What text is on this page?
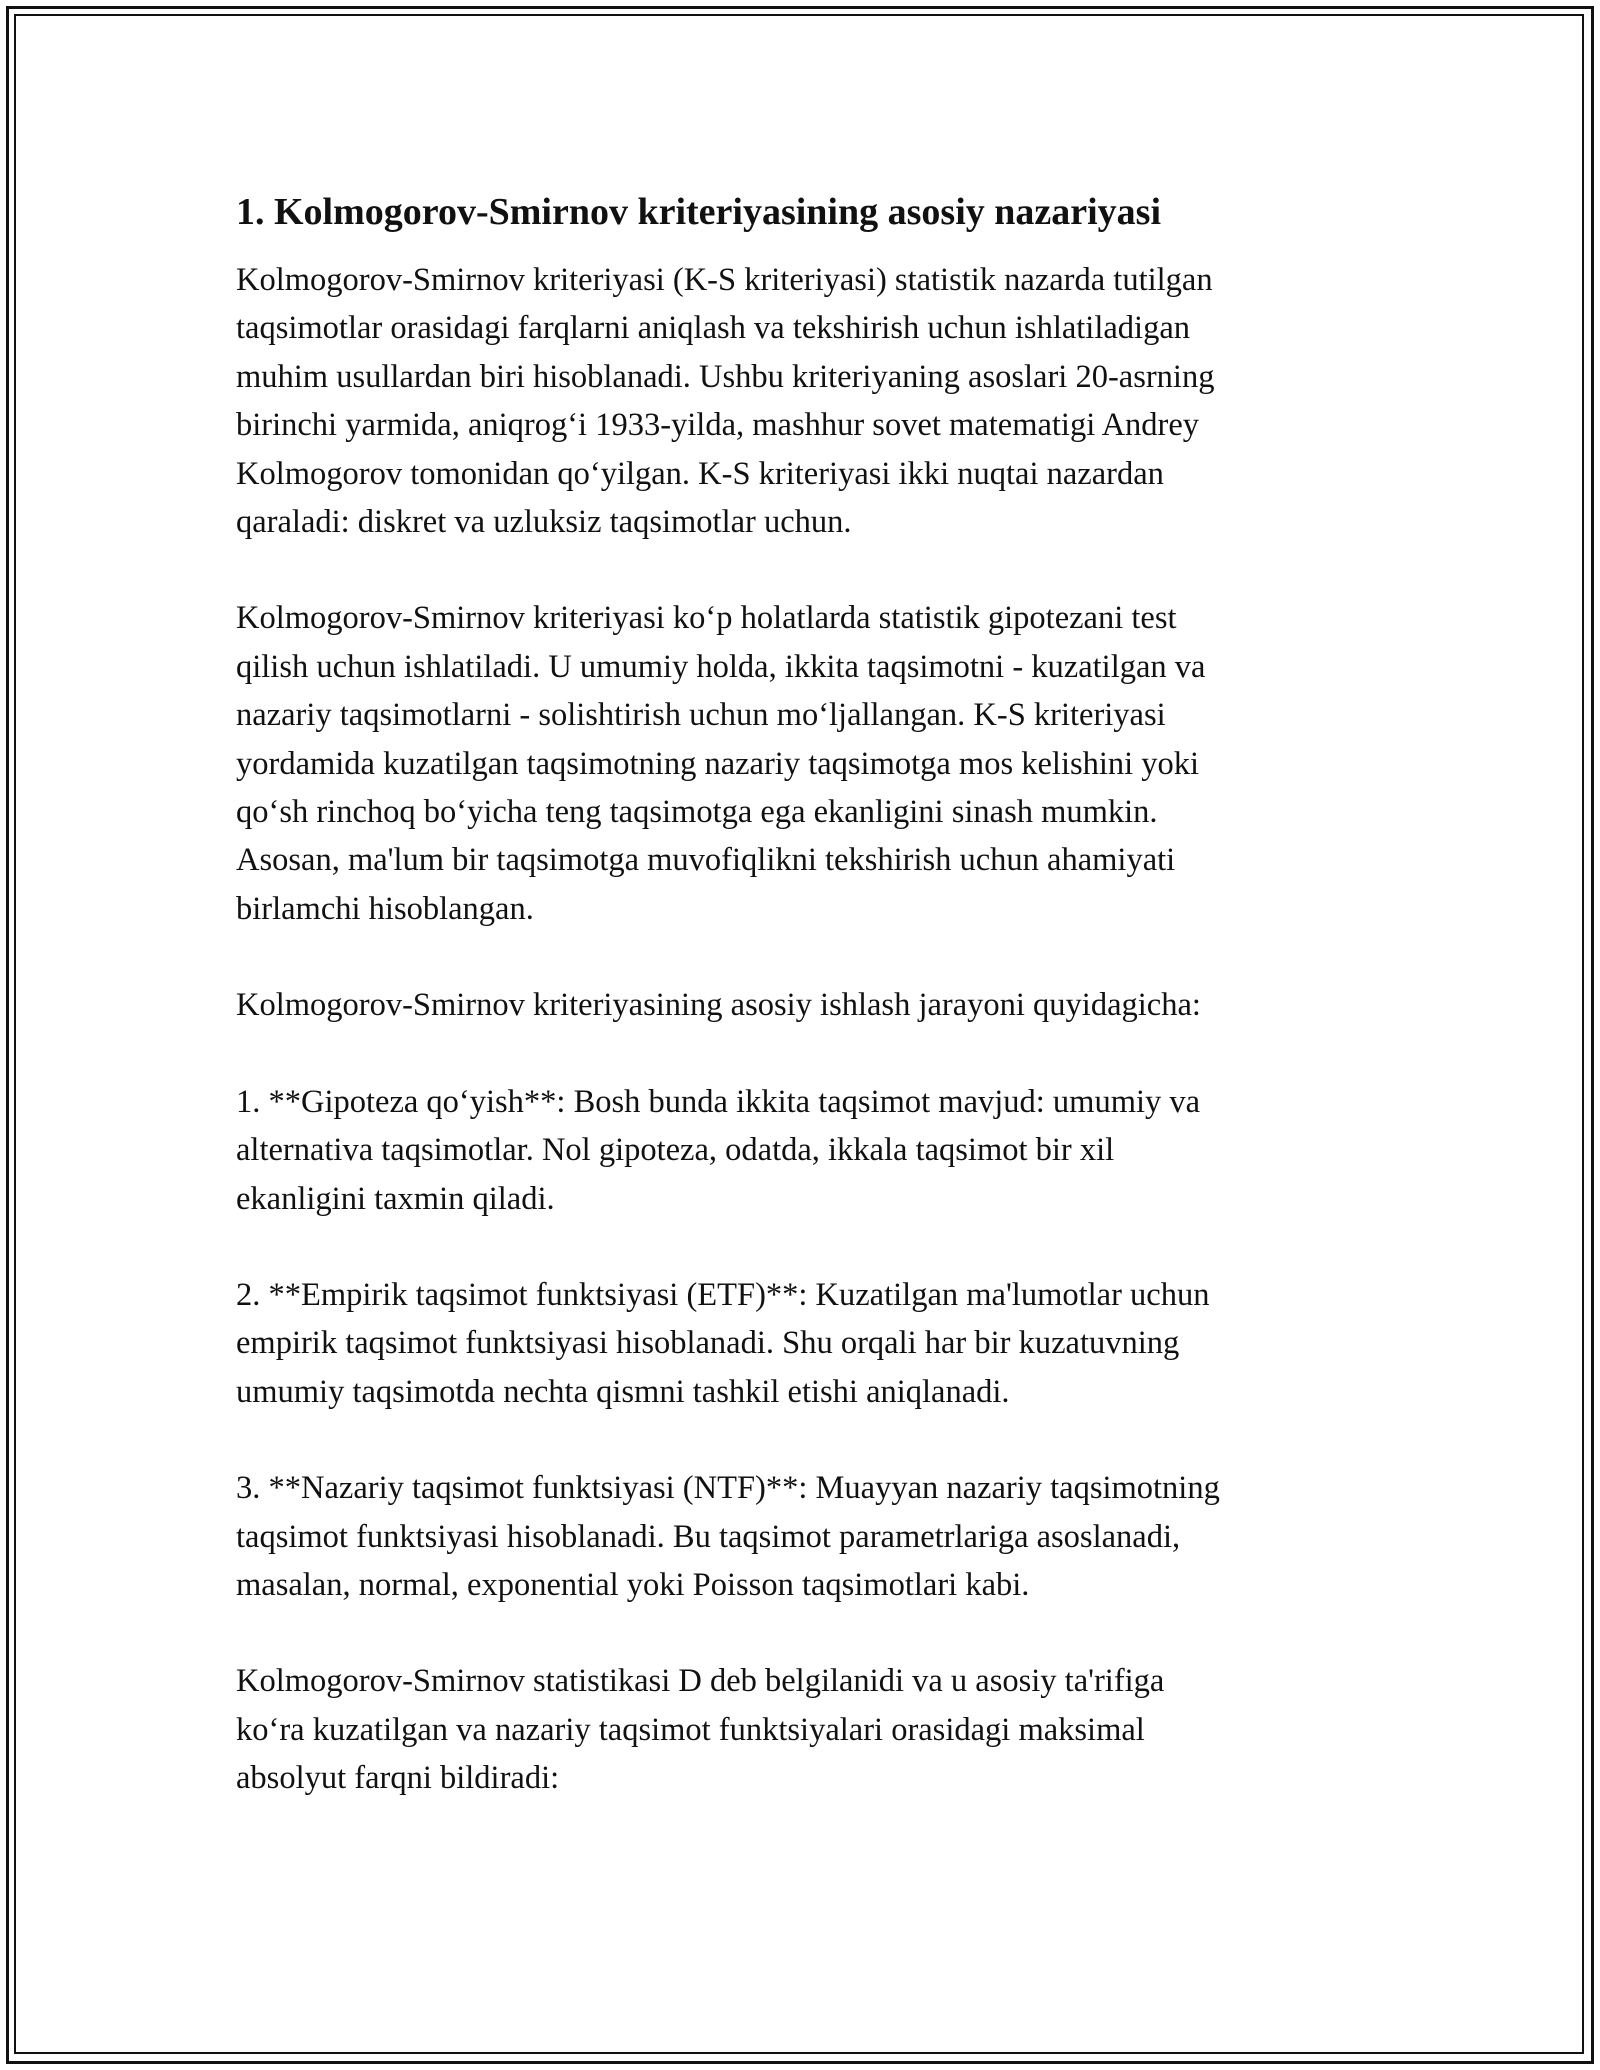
1. Kolmogorov-Smirnov kriteriyasining asosiy nazariyasi

Kolmogorov-Smirnov kriteriyasi (K-S kriteriyasi) statistik nazarda tutilgan
taqsimotlar orasidagi farqlarni aniqlash va tekshirish uchun ishlatiladigan
muhim usullardan biri hisoblanadi. Ushbu kriteriyaning asoslari 20-asrning
birinchi yarmida, aniqrog‘i 1933-yilda, mashhur sovet matematigi Andrey
Kolmogorov tomonidan qo‘yilgan. K-S kriteriyasi ikki nuqtai nazardan
qaraladi: diskret va uzluksiz taqsimotlar uchun.

Kolmogorov-Smirnov kriteriyasi ko‘p holatlarda statistik gipotezani test
qilish uchun ishlatiladi. U umumiy holda, ikkita taqsimotni - kuzatilgan va
nazariy taqsimotlarni - solishtirish uchun mo‘ljallangan. K-S kriteriyasi
yordamida kuzatilgan taqsimotning nazariy taqsimotga mos kelishini yoki
qo‘sh rinchoq bo‘yicha teng taqsimotga ega ekanligini sinash mumkin.
Asosan, ma'lum bir taqsimotga muvofiqlikni tekshirish uchun ahamiyati
birlamchi hisoblangan.

Kolmogorov-Smirnov kriteriyasining asosiy ishlash jarayoni quyidagicha:

1. **Gipoteza qo‘yish**: Bosh bunda ikkita taqsimot mavjud: umumiy va
alternativa taqsimotlar. Nol gipoteza, odatda, ikkala taqsimot bir xil
ekanligini taxmin qiladi.

2. **Empirik taqsimot funktsiyasi (ETF)**: Kuzatilgan ma'lumotlar uchun
empirik taqsimot funktsiyasi hisoblanadi. Shu orqali har bir kuzatuvning
umumiy taqsimotda nechta qismni tashkil etishi aniqlanadi.

3. **Nazariy taqsimot funktsiyasi (NTF)**: Muayyan nazariy taqsimotning
taqsimot funktsiyasi hisoblanadi. Bu taqsimot parametrlariga asoslanadi,
masalan, normal, exponential yoki Poisson taqsimotlari kabi.

Kolmogorov-Smirnov statistikasi D deb belgilanidi va u asosiy ta'rifiga
ko‘ra kuzatilgan va nazariy taqsimot funktsiyalari orasidagi maksimal
absolyut farqni bildiradi:
